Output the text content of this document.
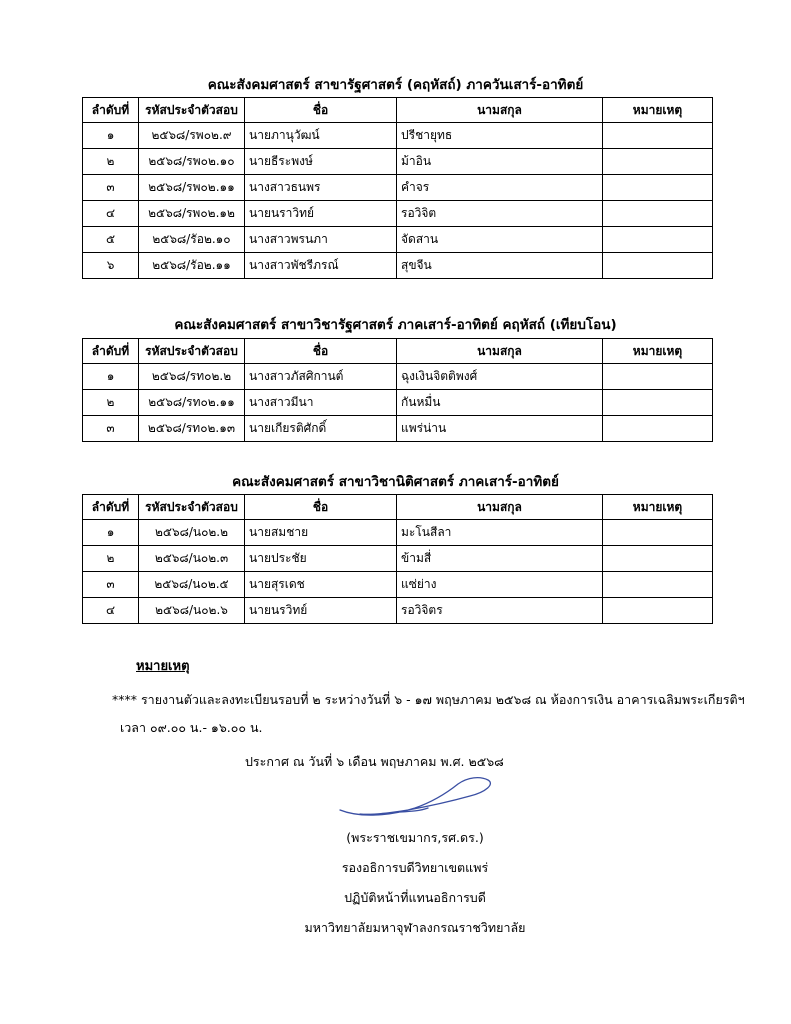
คณะสังคมศาสตร์ สาขารัฐศาสตร์ (คฤหัสถ์) ภาควันเสาร์-อาทิตย์
ลำดับที่	รหัสประจำตัวสอบ	ชื่อ	นามสกุล	หมายเหตุ
๑	๒๕๖๘/รพ๐๒.๙	นายภานุวัฒน์	ปรีชายุทธ	
๒	๒๕๖๘/รพ๐๒.๑๐	นายธีระพงษ์	ม้าอิน	
๓	๒๕๖๘/รพ๐๒.๑๑	นางสาวธนพร	คำจร	
๔	๒๕๖๘/รพ๐๒.๑๒	นายนราวิทย์	รอวิจิต	
๕	๒๕๖๘/รัอ๒.๑๐	นางสาวพรนภา	จัดสาน	
๖	๒๕๖๘/รัอ๒.๑๑	นางสาวพัชรีภรณ์	สุขจีน	
คณะสังคมศาสตร์ สาขาวิชารัฐศาสตร์ ภาคเสาร์-อาทิตย์ คฤหัสถ์ (เทียบโอน)
ลำดับที่	รหัสประจำตัวสอบ	ชื่อ	นามสกุล	หมายเหตุ
๑	๒๕๖๘/รท๐๒.๒	นางสาวภัสศิกานต์	ฉุงเงินจิตติพงศ์	
๒	๒๕๖๘/รท๐๒.๑๑	นางสาวมีนา	กันหมื่น	
๓	๒๕๖๘/รท๐๒.๑๓	นายเกียรติศักดิ์	แพร่น่าน	
คณะสังคมศาสตร์ สาขาวิชานิติศาสตร์ ภาคเสาร์-อาทิตย์
ลำดับที่	รหัสประจำตัวสอบ	ชื่อ	นามสกุล	หมายเหตุ
๑	๒๕๖๘/น๐๒.๒	นายสมชาย	มะโนสีลา	
๒	๒๕๖๘/น๐๒.๓	นายประชัย	ข้ามสี่	
๓	๒๕๖๘/น๐๒.๕	นายสุรเดช	แซ่ย่าง	
๔	๒๕๖๘/น๐๒.๖	นายนรวิทย์	รอวิจิตร	
หมายเหตุ
**** รายงานตัวและลงทะเบียนรอบที่ ๒ ระหว่างวันที่ ๖ - ๑๗ พฤษภาคม ๒๕๖๘ ณ ห้องการเงิน อาคารเฉลิมพระเกียรติฯ
เวลา ๐๙.๐๐ น.- ๑๖.๐๐ น.
ประกาศ ณ วันที่ ๖ เดือน พฤษภาคม พ.ศ. ๒๕๖๘
(พระราชเขมากร,รศ.ดร.)
รองอธิการบดีวิทยาเขตแพร่
ปฏิบัติหน้าที่แทนอธิการบดี
มหาวิทยาลัยมหาจุฬาลงกรณราชวิทยาลัย
